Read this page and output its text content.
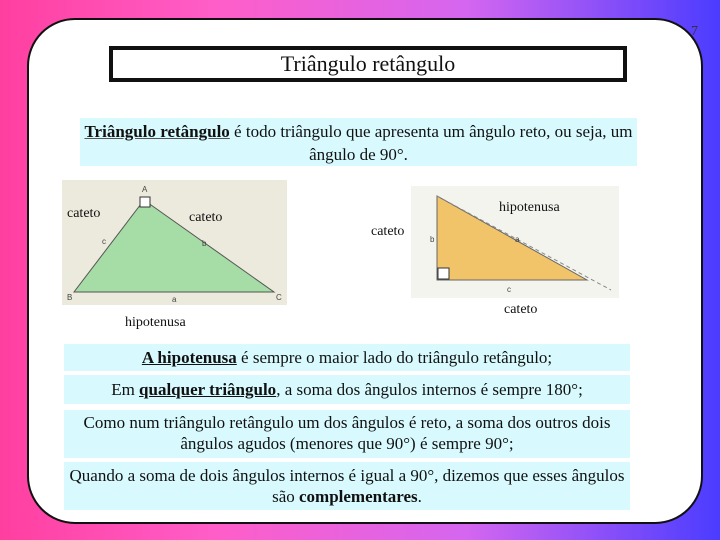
7
Triângulo retângulo
Triângulo retângulo é todo triângulo que apresenta um ângulo reto, ou seja, um ângulo de 90°.
A
B	C
c	b
a
cateto	cateto
hipotenusa
b
c
a
hipotenusa
cateto
cateto
A hipotenusa é sempre o maior lado do triângulo retângulo;
Em qualquer triângulo, a soma dos ângulos internos é sempre 180°;
Como num triângulo retângulo um dos ângulos é reto, a soma dos outros dois ângulos agudos (menores que 90°) é sempre 90°;
Quando a soma de dois ângulos internos é igual a 90°, dizemos que esses ângulos são complementares.
